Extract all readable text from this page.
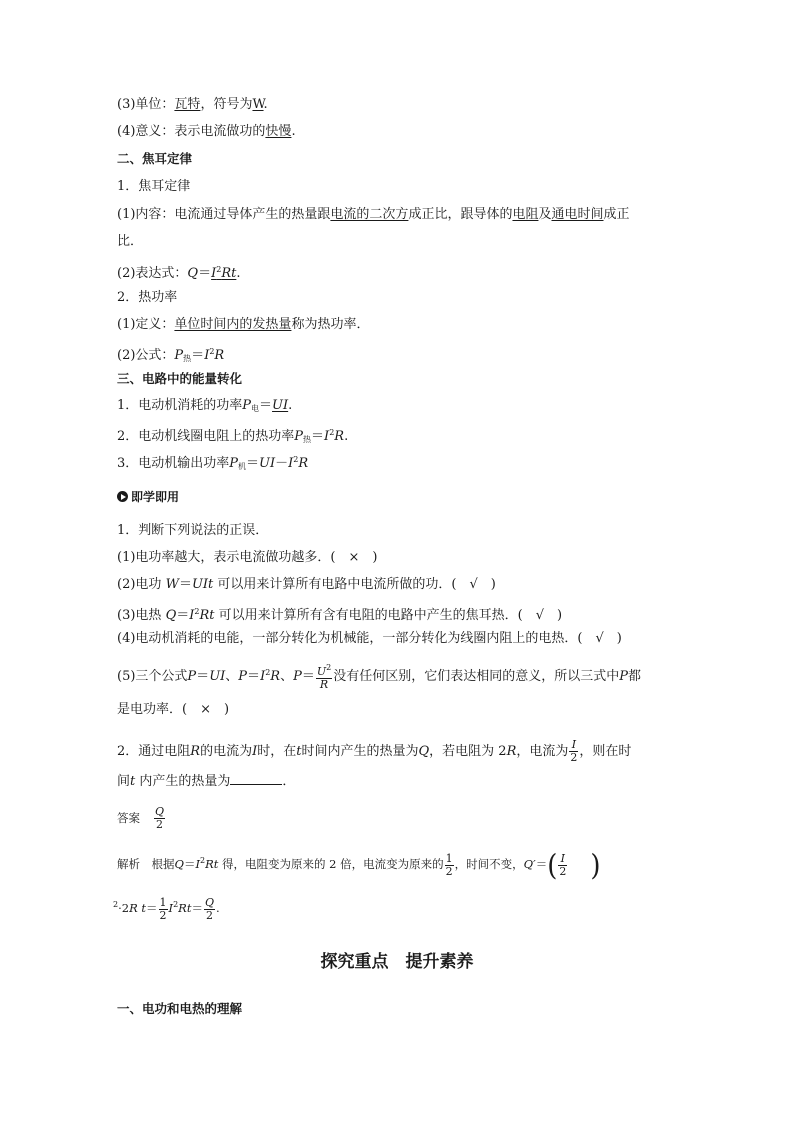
(3)单位：瓦特，符号为W.
(4)意义：表示电流做功的快慢.
二、焦耳定律
1．焦耳定律
(1)内容：电流通过导体产生的热量跟电流的二次方成正比，跟导体的电阻及通电时间成正
比．
(2)表达式：$Q=I^2Rt$.
2．热功率
(1)定义：单位时间内的发热量称为热功率．
(2)公式：$P_热=I^2R$
三、电路中的能量转化
1．电动机消耗的功率$P_电=UI$.
2．电动机线圈电阻上的热功率$P_热=I^2R$.
3．电动机输出功率$P_机=UI-I^2R$
即学即用
1．判断下列说法的正误．
(1)电功率越大，表示电流做功越多．(　×　)
(2)电功 W＝UIt 可以用来计算所有电路中电流所做的功．(　√　)
(3)电热 $Q=I^2Rt$ 可以用来计算所有含有电阻的电路中产生的焦耳热．(　√　)
(4)电动机消耗的电能，一部分转化为机械能，一部分转化为线圈内阻上的电热．(　√　)
(5)三个公式P＝UI、$P=I^2R$、$P= \frac{U^2}{R}$ 没有任何区别，它们表达相同的意义，所以三式中P都
是电功率．(　×　)
2．通过电阻R的电流为I时，在t时间内产生的热量为Q，若电阻为 2R，电流为 $\frac{I}{2}$ ，则在时
间t 内产生的热量为	．
答案　 $\frac{Q}{2}$
解析　 根据$Q=I^2Rt$ 得，电阻变为原来的 2 倍，电流变为原来的 $\frac{1}{2}$ ，时间不变，$Q'=( \frac{I}{2}$ )
$^2$·2R $t= \frac{1}{2} I^2Rt= \frac{Q}{2}$ .
探究重点　提升素养
一、电功和电热的理解
